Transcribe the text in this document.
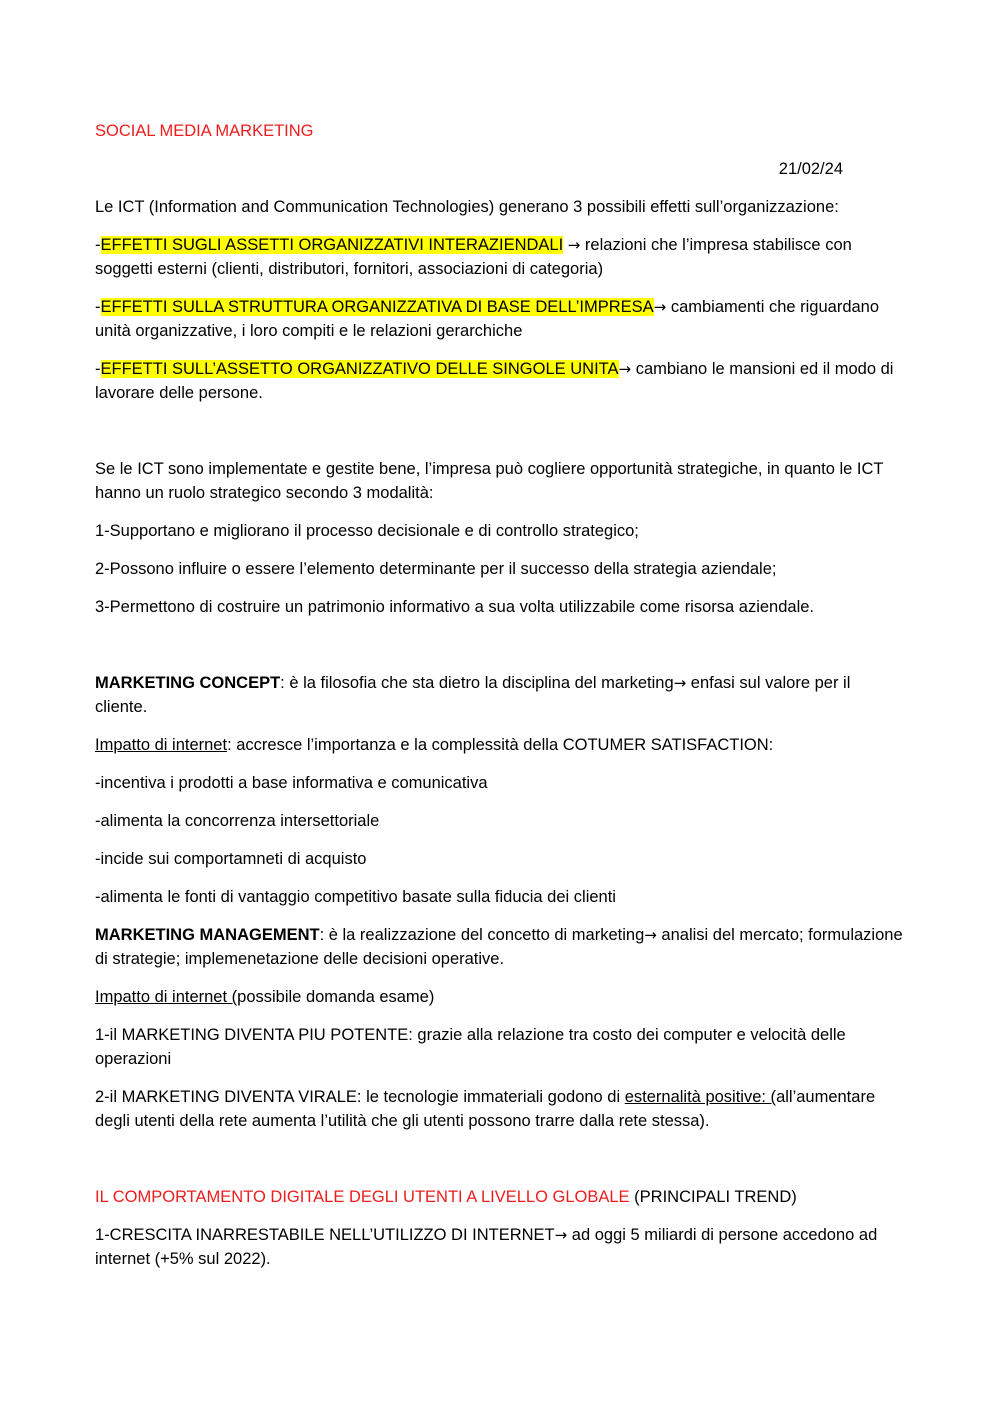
SOCIAL MEDIA MARKETING

21/02/24

Le ICT (Information and Communication Technologies) generano 3 possibili effetti sull’organizzazione:

-EFFETTI SUGLI ASSETTI ORGANIZZATIVI INTERAZIENDALI → relazioni che l’impresa stabilisce con soggetti esterni (clienti, distributori, fornitori, associazioni di categoria)

-EFFETTI SULLA STRUTTURA ORGANIZZATIVA DI BASE DELL’IMPRESA→ cambiamenti che riguardano unità organizzative, i loro compiti e le relazioni gerarchiche

-EFFETTI SULL’ASSETTO ORGANIZZATIVO DELLE SINGOLE UNITA→ cambiano le mansioni ed il modo di lavorare delle persone.

Se le ICT sono implementate e gestite bene, l’impresa può cogliere opportunità strategiche, in quanto le ICT hanno un ruolo strategico secondo 3 modalità:

1-Supportano e migliorano il processo decisionale e di controllo strategico;

2-Possono influire o essere l’elemento determinante per il successo della strategia aziendale;

3-Permettono di costruire un patrimonio informativo a sua volta utilizzabile come risorsa aziendale.

MARKETING CONCEPT: è la filosofia che sta dietro la disciplina del marketing→ enfasi sul valore per il cliente.

Impatto di internet: accresce l’importanza e la complessità della COTUMER SATISFACTION:

-incentiva i prodotti a base informativa e comunicativa

-alimenta la concorrenza intersettoriale

-incide sui comportamneti di acquisto

-alimenta le fonti di vantaggio competitivo basate sulla fiducia dei clienti

MARKETING MANAGEMENT: è la realizzazione del concetto di marketing→ analisi del mercato; formulazione di strategie; implemenetazione delle decisioni operative.

Impatto di internet (possibile domanda esame)

1-il MARKETING DIVENTA PIU POTENTE: grazie alla relazione tra costo dei computer e velocità delle operazioni

2-il MARKETING DIVENTA VIRALE: le tecnologie immateriali godono di esternalità positive: (all’aumentare degli utenti della rete aumenta l’utilità che gli utenti possono trarre dalla rete stessa).

IL COMPORTAMENTO DIGITALE DEGLI UTENTI A LIVELLO GLOBALE (PRINCIPALI TREND)

1-CRESCITA INARRESTABILE NELL’UTILIZZO DI INTERNET→ ad oggi 5 miliardi di persone accedono ad internet (+5% sul 2022).
